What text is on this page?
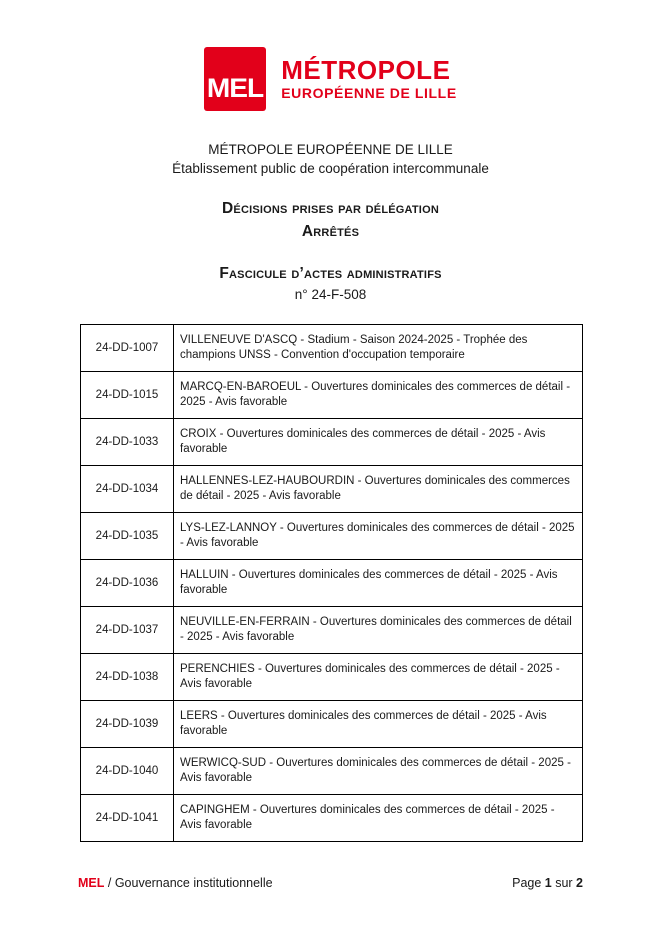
MEL
MÉTROPOLE
EUROPÉENNE DE LILLE
MÉTROPOLE EUROPÉENNE DE LILLE
Établissement public de coopération intercommunale
Décisions prises par délégation
Arrêtés
Fascicule d’actes administratifs
n° 24-F-508
24-DD-1007	VILLENEUVE D'ASCQ - Stadium - Saison 2024-2025 - Trophée des champions UNSS - Convention d'occupation temporaire
24-DD-1015	MARCQ-EN-BAROEUL - Ouvertures dominicales des commerces de détail - 2025 - Avis favorable
24-DD-1033	CROIX - Ouvertures dominicales des commerces de détail - 2025 - Avis favorable
24-DD-1034	HALLENNES-LEZ-HAUBOURDIN - Ouvertures dominicales des commerces de détail - 2025 - Avis favorable
24-DD-1035	LYS-LEZ-LANNOY - Ouvertures dominicales des commerces de détail - 2025 - Avis favorable
24-DD-1036	HALLUIN - Ouvertures dominicales des commerces de détail - 2025 - Avis favorable
24-DD-1037	NEUVILLE-EN-FERRAIN - Ouvertures dominicales des commerces de détail - 2025 - Avis favorable
24-DD-1038	PERENCHIES - Ouvertures dominicales des commerces de détail - 2025 - Avis favorable
24-DD-1039	LEERS - Ouvertures dominicales des commerces de détail - 2025 - Avis favorable
24-DD-1040	WERWICQ-SUD - Ouvertures dominicales des commerces de détail - 2025 - Avis favorable
24-DD-1041	CAPINGHEM - Ouvertures dominicales des commerces de détail - 2025 - Avis favorable
MEL / Gouvernance institutionnelle	Page 1 sur 2
